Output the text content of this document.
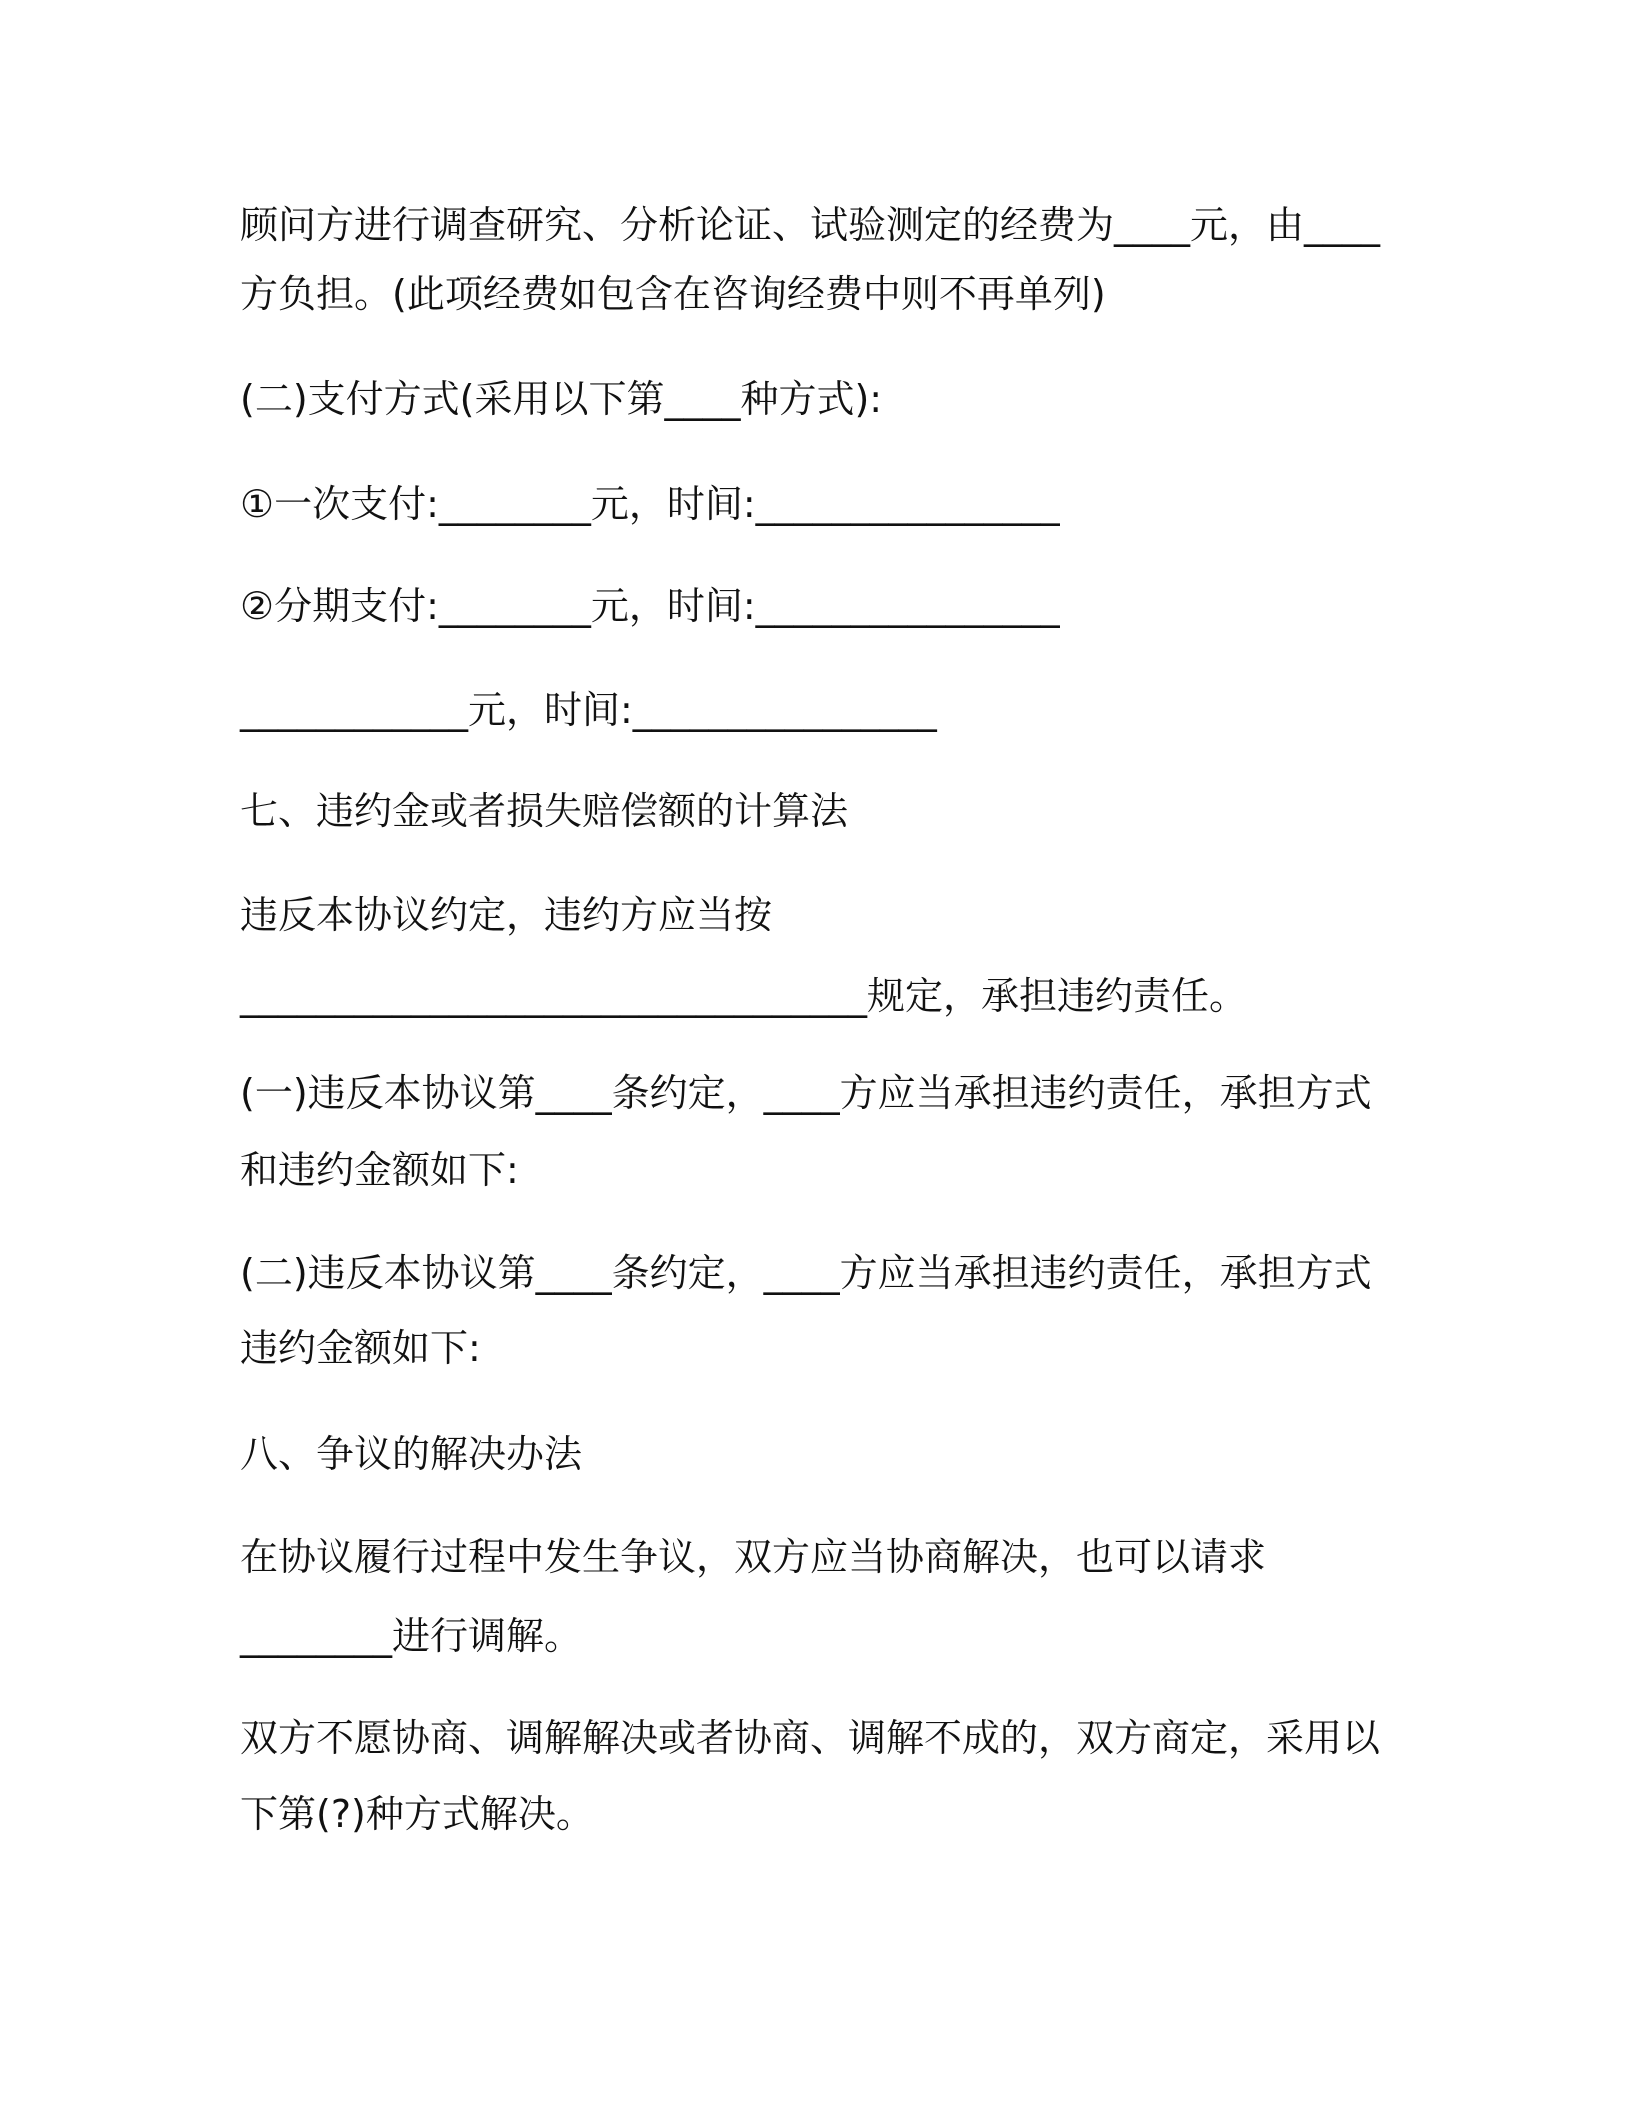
顾问方进行调查研究、分析论证、试验测定的经费为____元，由____
方负担。(此项经费如包含在咨询经费中则不再单列)
(二)支付方式(采用以下第____种方式):
①一次支付:________元，时间:________________
②分期支付:________元，时间:________________
____________元，时间:________________
七、违约金或者损失赔偿额的计算法
违反本协议约定，违约方应当按
_________________________________规定，承担违约责任。
(一)违反本协议第____条约定，____方应当承担违约责任，承担方式
和违约金额如下:
(二)违反本协议第____条约定，____方应当承担违约责任，承担方式
违约金额如下:
八、争议的解决办法
在协议履行过程中发生争议，双方应当协商解决，也可以请求
________进行调解。
双方不愿协商、调解解决或者协商、调解不成的，双方商定，采用以
下第(?)种方式解决。
